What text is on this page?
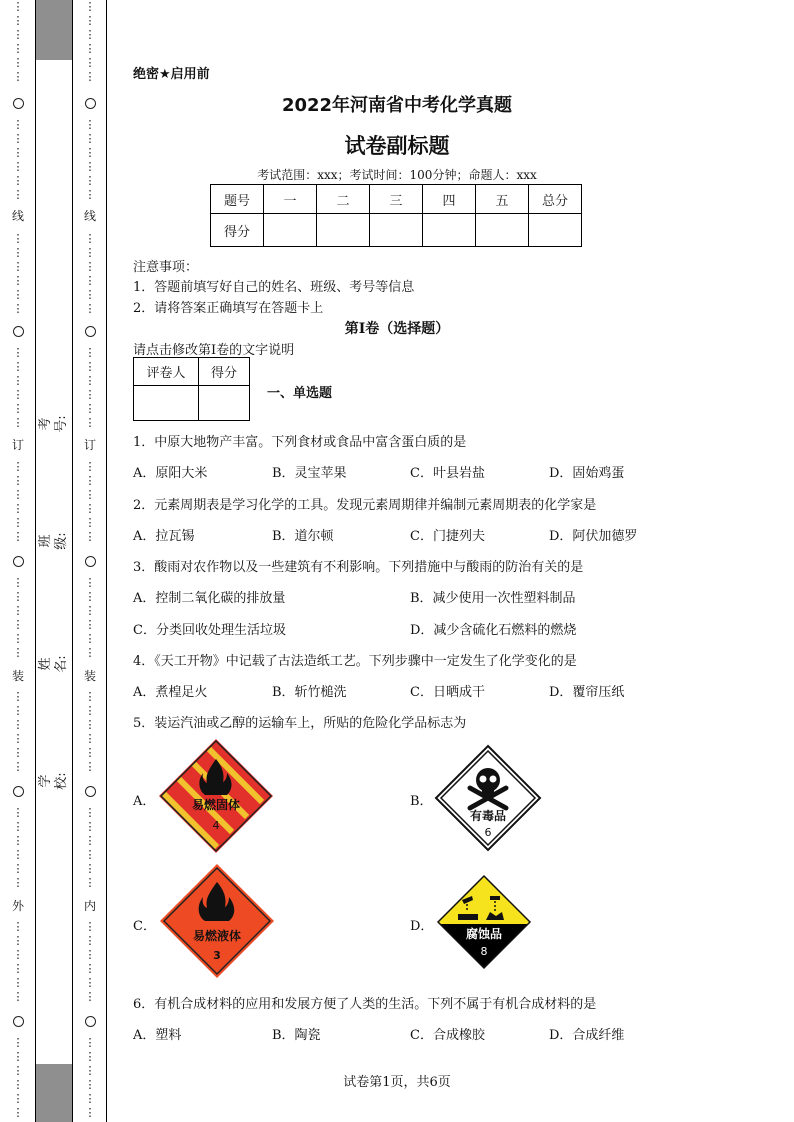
⋮
⋮
⋮
⋮
⋮
⋮
⋮
⋮
⋮
⋮
⋮
⋮
线
⋮
⋮
⋮
⋮
⋮
⋮
⋮
⋮
⋮
⋮
⋮
⋮
订
⋮
⋮
⋮
⋮
⋮
⋮
⋮
⋮
⋮
⋮
⋮
⋮
装
⋮
⋮
⋮
⋮
⋮
⋮
⋮
⋮
⋮
⋮
⋮
⋮
外
⋮
⋮
⋮
⋮
⋮
⋮
⋮
⋮
⋮
⋮
⋮
⋮
⋮
⋮
⋮
⋮
⋮
⋮
⋮
⋮
⋮
⋮
⋮
⋮
线
⋮
⋮
⋮
⋮
⋮
⋮
⋮
⋮
⋮
⋮
⋮
⋮
订
⋮
⋮
⋮
⋮
⋮
⋮
⋮
⋮
⋮
⋮
⋮
⋮
装
⋮
⋮
⋮
⋮
⋮
⋮
⋮
⋮
⋮
⋮
⋮
⋮
内
⋮
⋮
⋮
⋮
⋮
⋮
⋮
⋮
⋮
⋮
⋮
⋮
考号:
班级:
姓名:
学校:
绝密★启用前
2022年河南省中考化学真题
试卷副标题
考试范围：xxx；考试时间：100分钟；命题人：xxx
题号	一	二	三	四	五	总分
得分						
注意事项：
1．答题前填写好自己的姓名、班级、考号等信息
2．请将答案正确填写在答题卡上
第I卷（选择题）
请点击修改第I卷的文字说明
评卷人	得分

一、单选题
1．中原大地物产丰富。下列食材或食品中富含蛋白质的是
A．原阳大米	B．灵宝苹果	C．叶县岩盐	D．固始鸡蛋
2．元素周期表是学习化学的工具。发现元素周期律并编制元素周期表的化学家是
A．拉瓦锡	B．道尔顿	C．门捷列夫	D．阿伏加德罗
3．酸雨对农作物以及一些建筑有不利影响。下列措施中与酸雨的防治有关的是
A．控制二氧化碳的排放量	B．减少使用一次性塑料制品
C．分类回收处理生活垃圾	D．减少含硫化石燃料的燃烧
4．《天工开物》中记载了古法造纸工艺。下列步骤中一定发生了化学变化的是
A．煮楻足火	B．斩竹槌洗	C．日晒成干	D．覆帘压纸
5．装运汽油或乙醇的运输车上，所贴的危险化学品标志为
A．	B．
C．	D．
易燃固体
4
有毒品
6
易燃液体
3
腐蚀品
8
6．有机合成材料的应用和发展方便了人类的生活。下列不属于有机合成材料的是
A．塑料	B．陶瓷	C．合成橡胶	D．合成纤维
试卷第1页，共6页
